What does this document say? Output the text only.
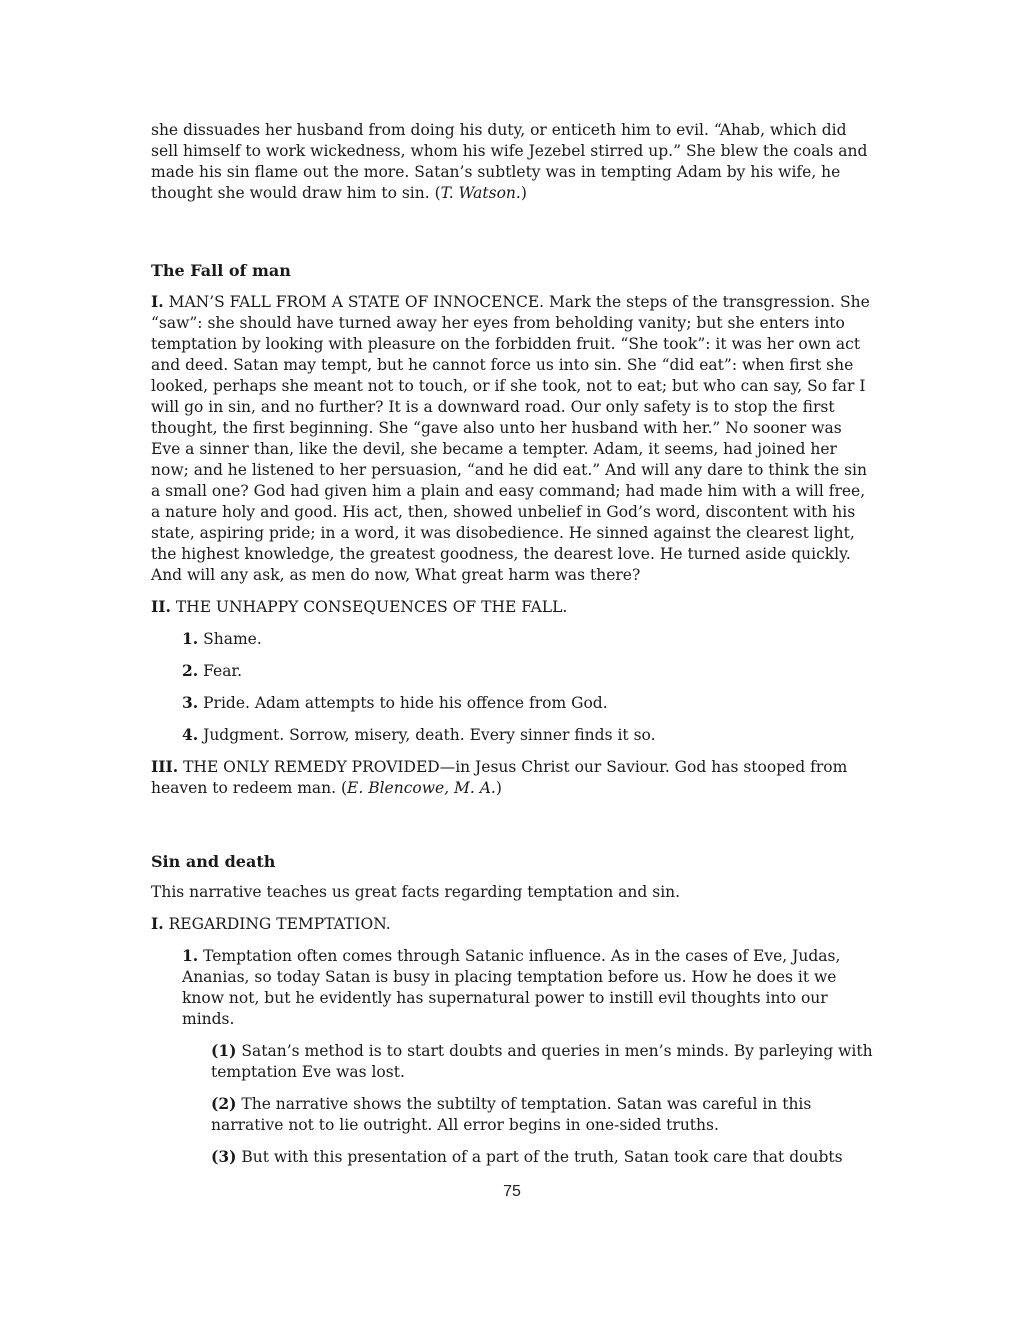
she dissuades her husband from doing his duty, or enticeth him to evil. “Ahab, which did sell himself to work wickedness, whom his wife Jezebel stirred up.” She blew the coals and made his sin flame out the more. Satan’s subtlety was in tempting Adam by his wife, he thought she would draw him to sin. (T. Watson.)

The Fall of man

I. MAN’S FALL FROM A STATE OF INNOCENCE. Mark the steps of the transgression. She “saw”: she should have turned away her eyes from beholding vanity; but she enters into temptation by looking with pleasure on the forbidden fruit. “She took”: it was her own act and deed. Satan may tempt, but he cannot force us into sin. She “did eat”: when first she looked, perhaps she meant not to touch, or if she took, not to eat; but who can say, So far I will go in sin, and no further? It is a downward road. Our only safety is to stop the first thought, the first beginning. She “gave also unto her husband with her.” No sooner was Eve a sinner than, like the devil, she became a tempter. Adam, it seems, had joined her now; and he listened to her persuasion, “and he did eat.” And will any dare to think the sin a small one? God had given him a plain and easy command; had made him with a will free, a nature holy and good. His act, then, showed unbelief in God’s word, discontent with his state, aspiring pride; in a word, it was disobedience. He sinned against the clearest light, the highest knowledge, the greatest goodness, the dearest love. He turned aside quickly. And will any ask, as men do now, What great harm was there?

II. THE UNHAPPY CONSEQUENCES OF THE FALL.

1. Shame.

2. Fear.

3. Pride. Adam attempts to hide his offence from God.

4. Judgment. Sorrow, misery, death. Every sinner finds it so.

III. THE ONLY REMEDY PROVIDED—in Jesus Christ our Saviour. God has stooped from heaven to redeem man. (E. Blencowe, M. A.)

Sin and death

This narrative teaches us great facts regarding temptation and sin.

I. REGARDING TEMPTATION.

1. Temptation often comes through Satanic influence. As in the cases of Eve, Judas, Ananias, so today Satan is busy in placing temptation before us. How he does it we know not, but he evidently has supernatural power to instill evil thoughts into our minds.

(1) Satan’s method is to start doubts and queries in men’s minds. By parleying with temptation Eve was lost.

(2) The narrative shows the subtilty of temptation. Satan was careful in this narrative not to lie outright. All error begins in one-sided truths.

(3) But with this presentation of a part of the truth, Satan took care that doubts

75
